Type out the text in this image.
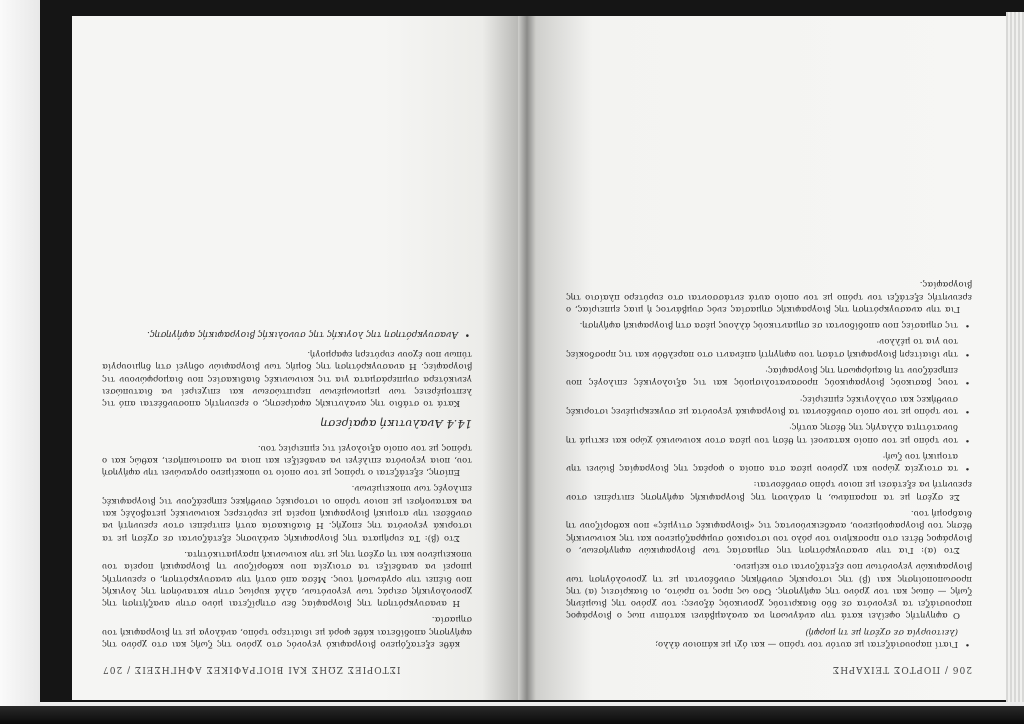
206 / ΠΟΡΤΟΣ ΤΕΙΧΑΡΗΣ
• Γιατί παρουσιάζεται με αυτόν τον τρόπο — και όχι με κάποιον άλλο;
(λειτουργία σε σχέση με τη μορφή)

Ο αφηγητής οφείλει κατά την ανάγνωση να αναλαμβάνει κατόπιν πως ο βιογράφος παρουσιάζει τα γεγονότα σε δύο διακριτούς χρονικούς άξονες: τον χρόνο της βιωμένης ζωής — όπως και τον χρόνο της αφήγησης. Όσο ως προς το πρώτο, οι διακρίσεις (α) της προσωποποίησης και (β) της ιστορικής συνθήκης συνδέονται με τη χρονολόγηση των βιογραφικών γεγονότων που εξετάζονται στο κείμενο.

Στο (α): Για την ανασυγκρότηση της σημασίας των βιογραφικών αφηγήσεων, ο βιογράφος θέτει στο προσκήνιο τον ρόλο του ιστορικού συμφραζόμενου και της κοινωνικής θέσης του βιογραφούμενου, αναδεικνύοντας τις «βιογραφικές στιγμές» που καθορίζουν τη διαδρομή του.

Σε σχέση με τα παραπάνω, η ανάλυση της βιογραφικής αφήγησης επιτρέπει στον ερευνητή να εξετάσει με ποιον τρόπο συνδέονται:

• τα στοιχεία χώρου και χρόνου μέσα στα οποία ο φορέας της βιογραφίας βιώνει την ατομική του ζωή·
• τον τρόπο με τον οποίο κατανοεί τη θέση του μέσα στον κοινωνικό χώρο και εκτιμά τη δυνατότητα αλλαγής της θέσης αυτής·
• τον τρόπο με τον οποίο συνδέονται τα βιογραφικά γεγονότα με συγκεκριμένες ιστορικές συνθήκες και συλλογικές εμπειρίες·
• τους βασικούς βιογραφικούς προσανατολισμούς και τις αξιολογικές επιλογές που επηρεάζουν τη διαμόρφωση της βιογραφίας·
• την ιδιαίτερη βιογραφική στάση του αφηγητή απέναντι στο παρελθόν και τις προσδοκίες του για το μέλλον·
• τις σημασίες που αποδίδονται σε σημαντικούς άλλους μέσα στη βιογραφική αφήγηση.

Για την ανασυγκρότηση της βιογραφικής σημασίας ενός συμβάντος ή μιας εμπειρίας, ο ερευνητής εξετάζει τον τρόπο με τον οποίο αυτά εντάσσονται στο ευρύτερο πλαίσιο της βιογραφίας.

ΙΣΤΟΡΙΕΣ ΖΩΗΣ ΚΑΙ ΒΙΟΓΡΑΦΙΚΕΣ ΑΦΗΓΗΣΕΙΣ / 207

κάθε εξεταζόμενο βιογραφικό γεγονός στο χρόνο της ζωής και στο χρόνο της αφήγησης αποδίδεται κάθε φορά με ιδιαίτερο τρόπο, ανάλογα με τη βιογραφική του σημασία.

Η ανασυγκρότηση της βιογραφίας δεν στηρίζεται μόνο στην αναζήτηση της χρονολογικής σειράς των γεγονότων, αλλά κυρίως στην κατανόηση της λογικής που διέπει την οργάνωσή τους. Μέσα από αυτή την ανασυγκρότηση, ο ερευνητής μπορεί να αναδείξει τα στοιχεία που καθορίζουν τη βιογραφική πορεία του υποκειμένου και τη σχέση της με την κοινωνική πραγματικότητα.

Στο (β): Τα ευρήματα της βιογραφικής ανάλυσης εξετάζονται σε σχέση με τα ιστορικά γεγονότα της εποχής. Η διαδικασία αυτή επιτρέπει στον ερευνητή να συνδέσει την ατομική βιογραφική πορεία με ευρύτερες κοινωνικές μεταβολές και να κατανοήσει με ποιον τρόπο οι ιστορικές συνθήκες επηρεάζουν τις βιογραφικές επιλογές των υποκειμένων.

Επίσης, εξετάζεται ο τρόπος με τον οποίο το υποκείμενο οργανώνει την αφήγησή του, ποια γεγονότα επιλέγει να αναδείξει και ποια να αποσιωπήσει, καθώς και ο τρόπος με τον οποίο αξιολογεί τις εμπειρίες του.

14.4 Αναλυτική αφαίρεση

Κατά το στάδιο της αναλυτικής αφαίρεσης, ο ερευνητής αποσυνδέεται από τις λεπτομέρειες των μεμονωμένων περιπτώσεων και επιχειρεί να διατυπώσει γενικότερα συμπεράσματα για τις κοινωνικές διαδικασίες που διαμορφώνουν τις βιογραφίες. Η ανασυγκρότηση της δομής των βιογραφιών οδηγεί στη δημιουργία τύπων που έχουν ευρύτερη εφαρμογή.

• Ανασυγκρότηση της λογικής της συνολικής βιογραφικής αφήγησης.
